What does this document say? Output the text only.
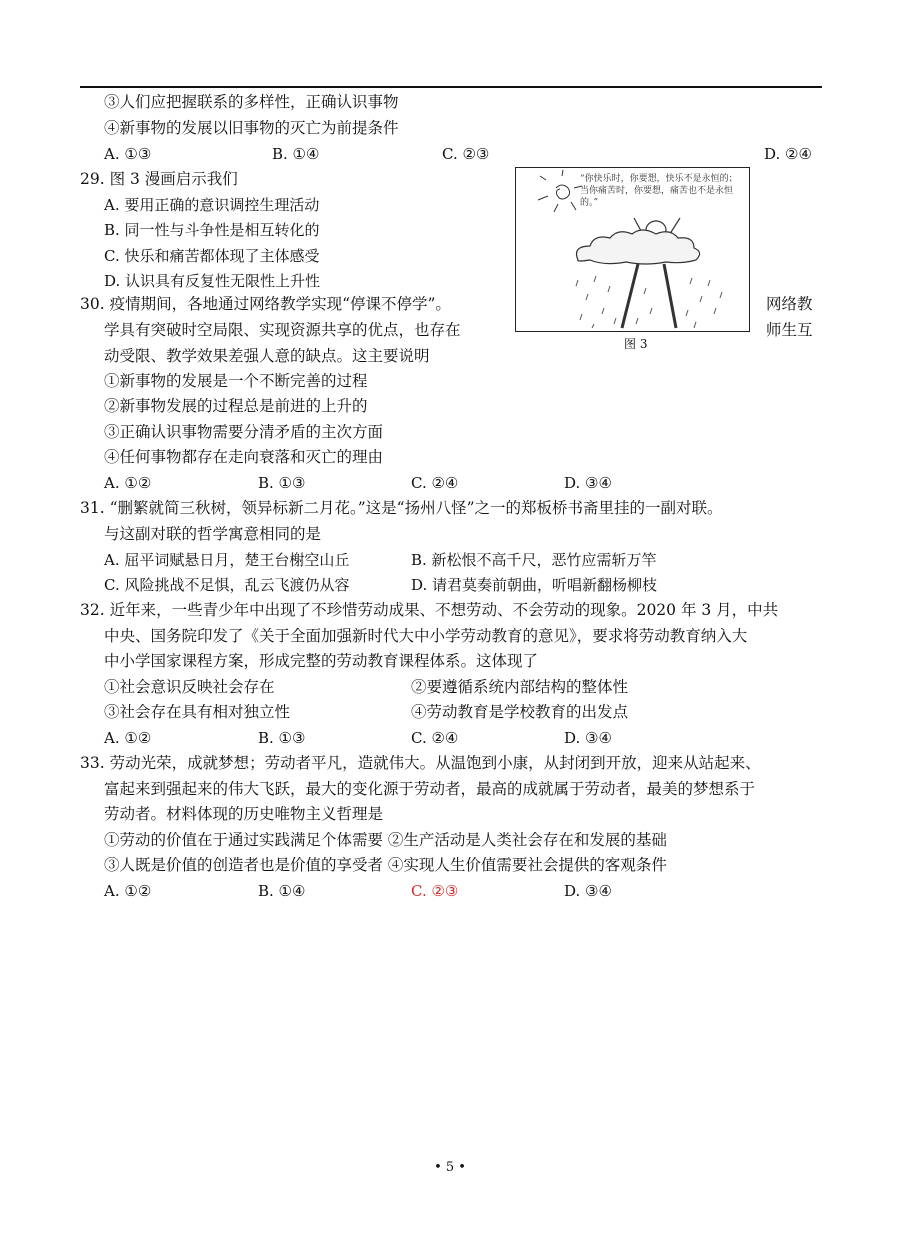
③人们应把握联系的多样性，正确认识事物
④新事物的发展以旧事物的灭亡为前提条件
A. ①③	B. ①④	C. ②③	D. ②④
29. 图 3 漫画启示我们
A. 要用正确的意识调控生理活动
B. 同一性与斗争性是相互转化的
C. 快乐和痛苦都体现了主体感受
D. 认识具有反复性无限性上升性
“你快乐时，你要想，快乐不是永恒的；当你痛苦时，你要想，痛苦也不是永恒的。”
图 3
30. 疫情期间，各地通过网络教学实现“停课不停学”。	网络教
学具有突破时空局限、实现资源共享的优点，也存在	师生互
动受限、教学效果差强人意的缺点。这主要说明
①新事物的发展是一个不断完善的过程
②新事物发展的过程总是前进的上升的
③正确认识事物需要分清矛盾的主次方面
④任何事物都存在走向衰落和灭亡的理由
A. ①②	B. ①③	C. ②④	D. ③④
31. “删繁就简三秋树，领异标新二月花。”这是“扬州八怪”之一的郑板桥书斋里挂的一副对联。
与这副对联的哲学寓意相同的是
A. 屈平词赋悬日月，楚王台榭空山丘	B. 新松恨不高千尺，恶竹应需斩万竿
C. 风险挑战不足惧，乱云飞渡仍从容	D. 请君莫奏前朝曲，听唱新翻杨柳枝
32. 近年来，一些青少年中出现了不珍惜劳动成果、不想劳动、不会劳动的现象。2020 年 3 月，中共
中央、国务院印发了《关于全面加强新时代大中小学劳动教育的意见》，要求将劳动教育纳入大
中小学国家课程方案，形成完整的劳动教育课程体系。这体现了
①社会意识反映社会存在	②要遵循系统内部结构的整体性
③社会存在具有相对独立性	④劳动教育是学校教育的出发点
A. ①②	B. ①③	C. ②④	D. ③④
33. 劳动光荣，成就梦想；劳动者平凡，造就伟大。从温饱到小康，从封闭到开放，迎来从站起来、
富起来到强起来的伟大飞跃，最大的变化源于劳动者，最高的成就属于劳动者，最美的梦想系于
劳动者。材料体现的历史唯物主义哲理是
①劳动的价值在于通过实践满足个体需要 ②生产活动是人类社会存在和发展的基础
③人既是价值的创造者也是价值的享受者 ④实现人生价值需要社会提供的客观条件
A. ①②	B. ①④	C. ②③	D. ③④
• 5 •
